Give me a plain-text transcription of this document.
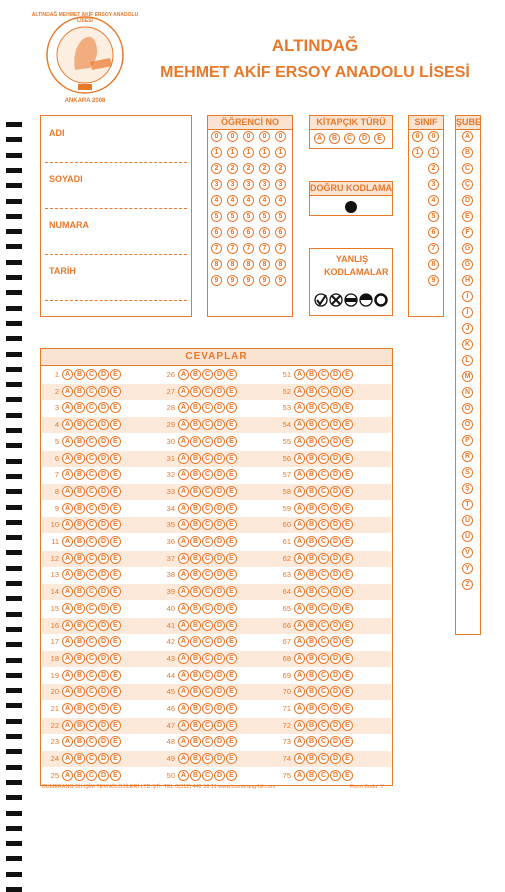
ALTINDAĞ MEHMET AKİF ERSOY ANADOLU LİSESİ
ANKARA 2008
ALTINDAĞ
MEHMET AKİF ERSOY ANADOLU LİSESİ
ADI
SOYADI
NUMARA
TARİH
ÖĞRENCİ NO
0
1
2
3
4
5
6
7
8
9
0
1
2
3
4
5
6
7
8
9
0
1
2
3
4
5
6
7
8
9
0
1
2
3
4
5
6
7
8
9
0
1
2
3
4
5
6
7
8
9
KİTAPÇIK TÜRÜ
A B C D E
DOĞRU KODLAMA
YANLIŞ KODLAMALAR
SINIF
0
1
0
1
2
3
4
5
6
7
8
9
ŞUBE
A
B
C
Ç
D
E
F
G
Ğ
H
I
İ
J
K
L
M
N
O
Ö
P
R
S
Ş
T
U
Ü
V
Y
Z
CEVAPLAR
1 A B C D E
2 A B C D E
3 A B C D E
4 A B C D E
5 A B C D E
6 A B C D E
7 A B C D E
8 A B C D E
9 A B C D E
10 A B C D E
11 A B C D E
12 A B C D E
13 A B C D E
14 A B C D E
15 A B C D E
16 A B C D E
17 A B C D E
18 A B C D E
19 A B C D E
20 A B C D E
21 A B C D E
22 A B C D E
23 A B C D E
24 A B C D E
25 A B C D E
26 A B C D E
27 A B C D E
28 A B C D E
29 A B C D E
30 A B C D E
31 A B C D E
32 A B C D E
33 A B C D E
34 A B C D E
35 A B C D E
36 A B C D E
37 A B C D E
38 A B C D E
39 A B C D E
40 A B C D E
41 A B C D E
42 A B C D E
43 A B C D E
44 A B C D E
45 A B C D E
46 A B C D E
47 A B C D E
48 A B C D E
49 A B C D E
50 A B C D E
51 A B C D E
52 A B C D E
53 A B C D E
54 A B C D E
55 A B C D E
56 A B C D E
57 A B C D E
58 A B C D E
59 A B C D E
60 A B C D E
61 A B C D E
62 A B C D E
63 A B C D E
64 A B C D E
65 A B C D E
66 A B C D E
67 A B C D E
68 A B C D E
69 A B C D E
70 A B C D E
71 A B C D E
72 A B C D E
73 A B C D E
74 A B C D E
75 A B C D E
BUMERANG BİLİŞİM TEKNOLOJİLERİ LTD.ŞTİ. TEL:0(312) 442 56 11 www.bumerang-bil.com	Form Kodu: Y
